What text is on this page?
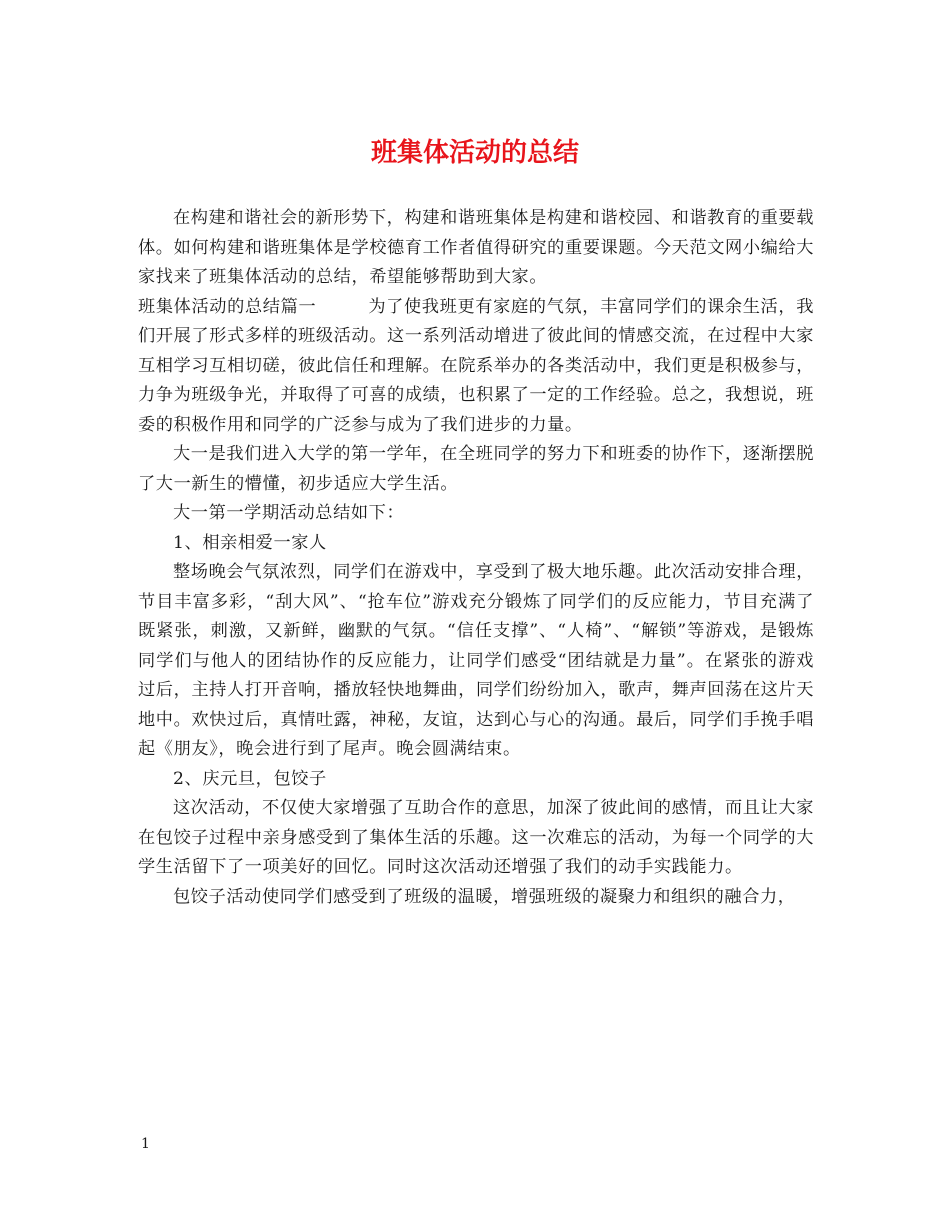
班集体活动的总结

在构建和谐社会的新形势下，构建和谐班集体是构建和谐校园、和谐教育的重要载体。如何构建和谐班集体是学校德育工作者值得研究的重要课题。今天范文网小编给大家找来了班集体活动的总结，希望能够帮助到大家。

班集体活动的总结篇一	为了使我班更有家庭的气氛，丰富同学们的课余生活，我们开展了形式多样的班级活动。这一系列活动增进了彼此间的情感交流，在过程中大家互相学习互相切磋，彼此信任和理解。在院系举办的各类活动中，我们更是积极参与，力争为班级争光，并取得了可喜的成绩，也积累了一定的工作经验。总之，我想说，班委的积极作用和同学的广泛参与成为了我们进步的力量。

大一是我们进入大学的第一学年，在全班同学的努力下和班委的协作下，逐渐摆脱了大一新生的懵懂，初步适应大学生活。

大一第一学期活动总结如下：

1、相亲相爱一家人

整场晚会气氛浓烈，同学们在游戏中，享受到了极大地乐趣。此次活动安排合理，节目丰富多彩，“刮大风”、“抢车位”游戏充分锻炼了同学们的反应能力，节目充满了既紧张，刺激，又新鲜，幽默的气氛。“信任支撑”、“人椅”、“解锁”等游戏，是锻炼同学们与他人的团结协作的反应能力，让同学们感受“团结就是力量”。在紧张的游戏过后，主持人打开音响，播放轻快地舞曲，同学们纷纷加入，歌声，舞声回荡在这片天地中。欢快过后，真情吐露，神秘，友谊，达到心与心的沟通。最后，同学们手挽手唱起《朋友》，晚会进行到了尾声。晚会圆满结束。

2、庆元旦，包饺子

这次活动，不仅使大家增强了互助合作的意思，加深了彼此间的感情，而且让大家在包饺子过程中亲身感受到了集体生活的乐趣。这一次难忘的活动，为每一个同学的大学生活留下了一项美好的回忆。同时这次活动还增强了我们的动手实践能力。

包饺子活动使同学们感受到了班级的温暖，增强班级的凝聚力和组织的融合力，

1
